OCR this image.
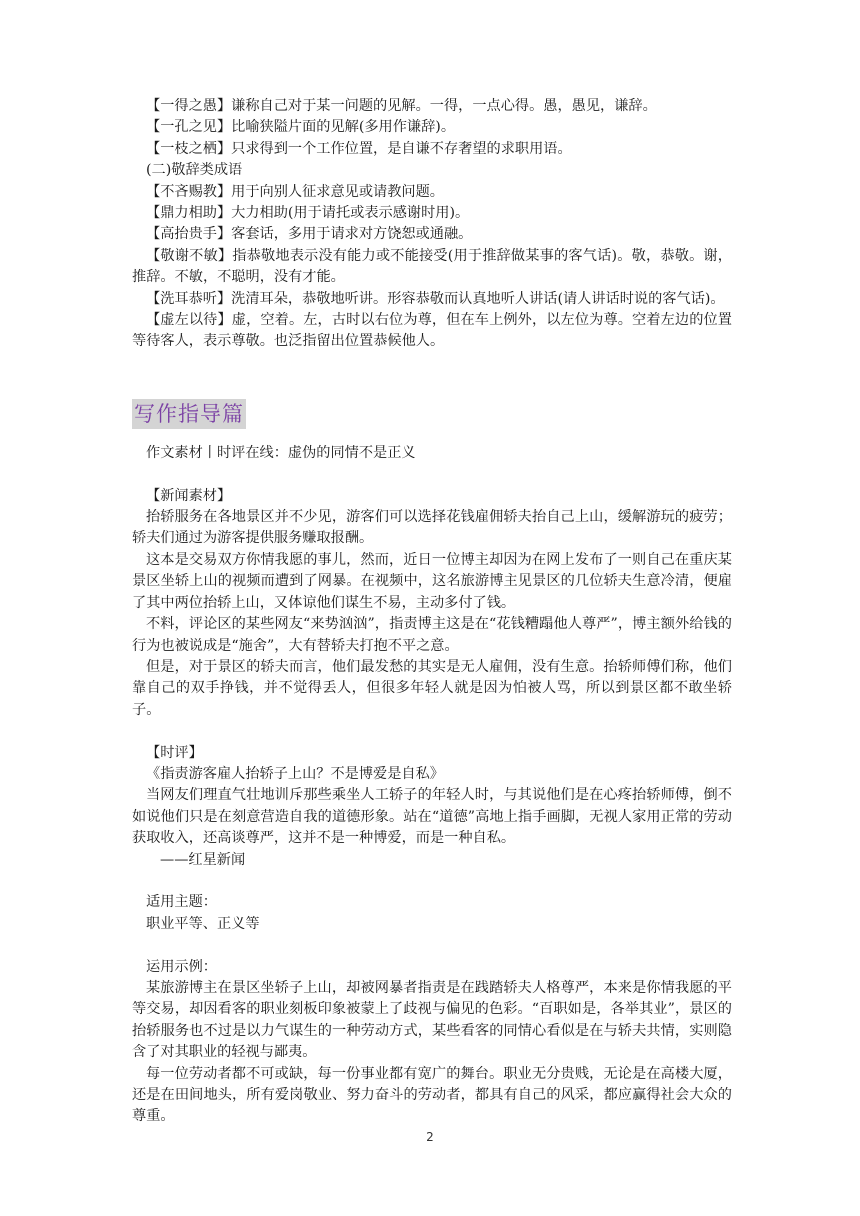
【一得之愚】谦称自己对于某一问题的见解。一得，一点心得。愚，愚见，谦辞。

【一孔之见】比喻狭隘片面的见解(多用作谦辞)。

【一枝之栖】只求得到一个工作位置，是自谦不存奢望的求职用语。

(二)敬辞类成语

【不吝赐教】用于向别人征求意见或请教问题。

【鼎力相助】大力相助(用于请托或表示感谢时用)。

【高抬贵手】客套话，多用于请求对方饶恕或通融。

【敬谢不敏】指恭敬地表示没有能力或不能接受(用于推辞做某事的客气话)。敬，恭敬。谢，推辞。不敏，不聪明，没有才能。

【洗耳恭听】洗清耳朵，恭敬地听讲。形容恭敬而认真地听人讲话(请人讲话时说的客气话)。

【虚左以待】虚，空着。左，古时以右位为尊，但在车上例外，以左位为尊。空着左边的位置等待客人，表示尊敬。也泛指留出位置恭候他人。

写作指导篇

作文素材丨时评在线：虚伪的同情不是正义

【新闻素材】

抬轿服务在各地景区并不少见，游客们可以选择花钱雇佣轿夫抬自己上山，缓解游玩的疲劳；轿夫们通过为游客提供服务赚取报酬。

这本是交易双方你情我愿的事儿，然而，近日一位博主却因为在网上发布了一则自己在重庆某景区坐轿上山的视频而遭到了网暴。在视频中，这名旅游博主见景区的几位轿夫生意冷清，便雇了其中两位抬轿上山，又体谅他们谋生不易，主动多付了钱。

不料，评论区的某些网友“来势汹汹”，指责博主这是在“花钱糟蹋他人尊严”，博主额外给钱的行为也被说成是“施舍”，大有替轿夫打抱不平之意。

但是，对于景区的轿夫而言，他们最发愁的其实是无人雇佣，没有生意。抬轿师傅们称，他们靠自己的双手挣钱，并不觉得丢人，但很多年轻人就是因为怕被人骂，所以到景区都不敢坐轿子。

【时评】

《指责游客雇人抬轿子上山？不是博爱是自私》

当网友们理直气壮地训斥那些乘坐人工轿子的年轻人时，与其说他们是在心疼抬轿师傅，倒不如说他们只是在刻意营造自我的道德形象。站在“道德”高地上指手画脚，无视人家用正常的劳动获取收入，还高谈尊严，这并不是一种博爱，而是一种自私。

——红星新闻

适用主题：

职业平等、正义等

运用示例：

某旅游博主在景区坐轿子上山，却被网暴者指责是在践踏轿夫人格尊严，本来是你情我愿的平等交易，却因看客的职业刻板印象被蒙上了歧视与偏见的色彩。“百职如是，各举其业”，景区的抬轿服务也不过是以力气谋生的一种劳动方式，某些看客的同情心看似是在与轿夫共情，实则隐含了对其职业的轻视与鄙夷。

每一位劳动者都不可或缺，每一份事业都有宽广的舞台。职业无分贵贱，无论是在高楼大厦，还是在田间地头，所有爱岗敬业、努力奋斗的劳动者，都具有自己的风采，都应赢得社会大众的尊重。

2
